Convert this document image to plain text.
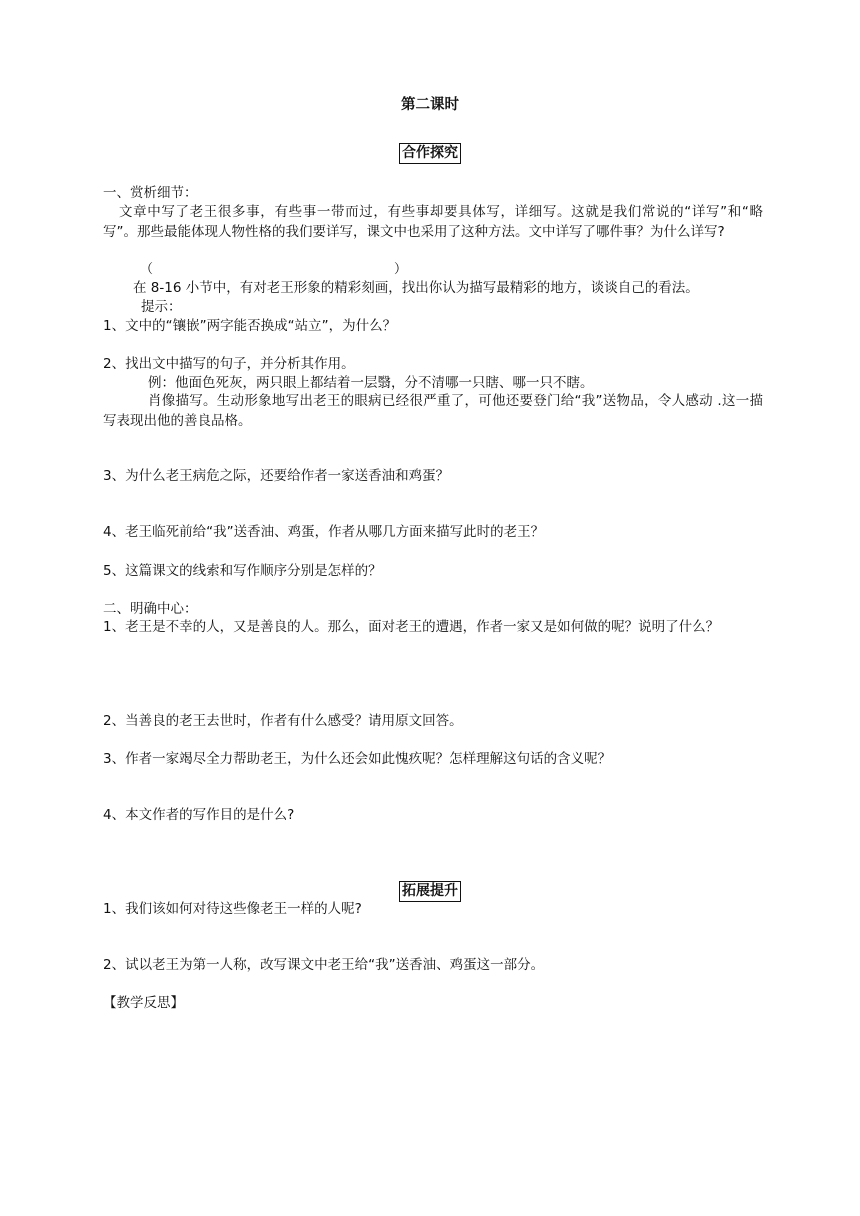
第二课时
合作探究
一、赏析细节：
文章中写了老王很多事，有些事一带而过，有些事却要具体写，详细写。这就是我们常说的“详写”和“略写”。那些最能体现人物性格的我们要详写，课文中也采用了这种方法。文中详写了哪件事？为什么详写?
（	）
在 8-16 小节中，有对老王形象的精彩刻画，找出你认为描写最精彩的地方，谈谈自己的看法。
提示：
1、文中的“镶嵌”两字能否换成“站立”，为什么？
2、找出文中描写的句子，并分析其作用。
例：他面色死灰，两只眼上都结着一层翳，分不清哪一只瞎、哪一只不瞎。
肖像描写。生动形象地写出老王的眼病已经很严重了，可他还要登门给“我”送物品，令人感动 .这一描写表现出他的善良品格。
3、为什么老王病危之际，还要给作者一家送香油和鸡蛋？
4、老王临死前给“我”送香油、鸡蛋，作者从哪几方面来描写此时的老王？
5、这篇课文的线索和写作顺序分别是怎样的？
二、明确中心：
1、老王是不幸的人，又是善良的人。那么，面对老王的遭遇，作者一家又是如何做的呢？说明了什么？
2、当善良的老王去世时，作者有什么感受？请用原文回答。
3、作者一家竭尽全力帮助老王，为什么还会如此愧疚呢？怎样理解这句话的含义呢？
4、本文作者的写作目的是什么?
拓展提升
1、我们该如何对待这些像老王一样的人呢?
2、试以老王为第一人称，改写课文中老王给“我”送香油、鸡蛋这一部分。
【教学反思】
